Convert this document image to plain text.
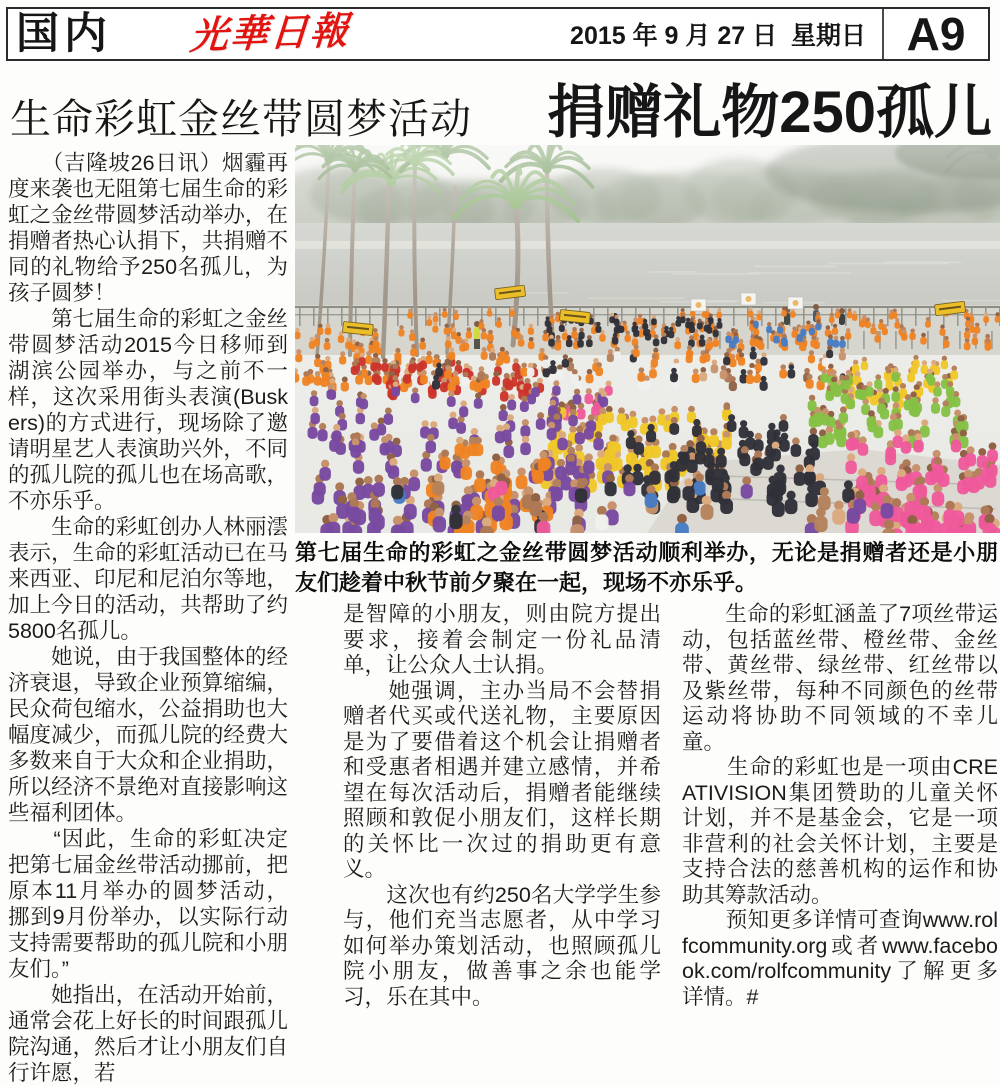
国内 光華日報	2015 年 9 月 27 日  星期日 A9
生命彩虹金丝带圆梦活动 捐赠礼物250孤儿
第七届生命的彩虹之金丝带圆梦活动顺利举办，无论是捐赠者还是小朋友们趁着中秋节前夕聚在一起，现场不亦乐乎。

　　（吉隆坡26日讯）烟霾再度来袭也无阻第七届生命的彩虹之金丝带圆梦活动举办，在捐赠者热心认捐下，共捐赠不同的礼物给予250名孤儿，为孩子圆梦！

　　第七届生命的彩虹之金丝带圆梦活动2015今日移师到湖滨公园举办，与之前不一样，这次采用街头表演(Buskers)的方式进行，现场除了邀请明星艺人表演助兴外，不同的孤儿院的孤儿也在场高歌，不亦乐乎。

　　生命的彩虹创办人林丽澐表示，生命的彩虹活动已在马来西亚、印尼和尼泊尔等地，加上今日的活动，共帮助了约5800名孤儿。

　　她说，由于我国整体的经济衰退，导致企业预算缩编，民众荷包缩水，公益捐助也大幅度减少，而孤儿院的经费大多数来自于大众和企业捐助，所以经济不景绝对直接影响这些福利团体。

　　“因此，生命的彩虹决定把第七届金丝带活动挪前，把原本11月举办的圆梦活动，挪到9月份举办，以实际行动支持需要帮助的孤儿院和小朋友们。”

　　她指出，在活动开始前，通常会花上好长的时间跟孤儿院沟通，然后才让小朋友们自行许愿，若

是智障的小朋友，则由院方提出要求，接着会制定一份礼品清单，让公众人士认捐。

　　她强调，主办当局不会替捐赠者代买或代送礼物，主要原因是为了要借着这个机会让捐赠者和受惠者相遇并建立感情，并希望在每次活动后，捐赠者能继续照顾和敦促小朋友们，这样长期的关怀比一次过的捐助更有意义。

　　这次也有约250名大学学生参与，他们充当志愿者，从中学习如何举办策划活动，也照顾孤儿院小朋友，做善事之余也能学习，乐在其中。

　　生命的彩虹涵盖了7项丝带运动，包括蓝丝带、橙丝带、金丝带、黄丝带、绿丝带、红丝带以及紫丝带，每种不同颜色的丝带运动将协助不同领域的不幸儿童。

　　生命的彩虹也是一项由CREATIVISION集团赞助的儿童关怀计划，并不是基金会，它是一项非营利的社会关怀计划，主要是支持合法的慈善机构的运作和协助其筹款活动。

　　预知更多详情可查询www.rolfcommunity.org或者www.facebook.com/rolfcommunity了解更多详情。#
